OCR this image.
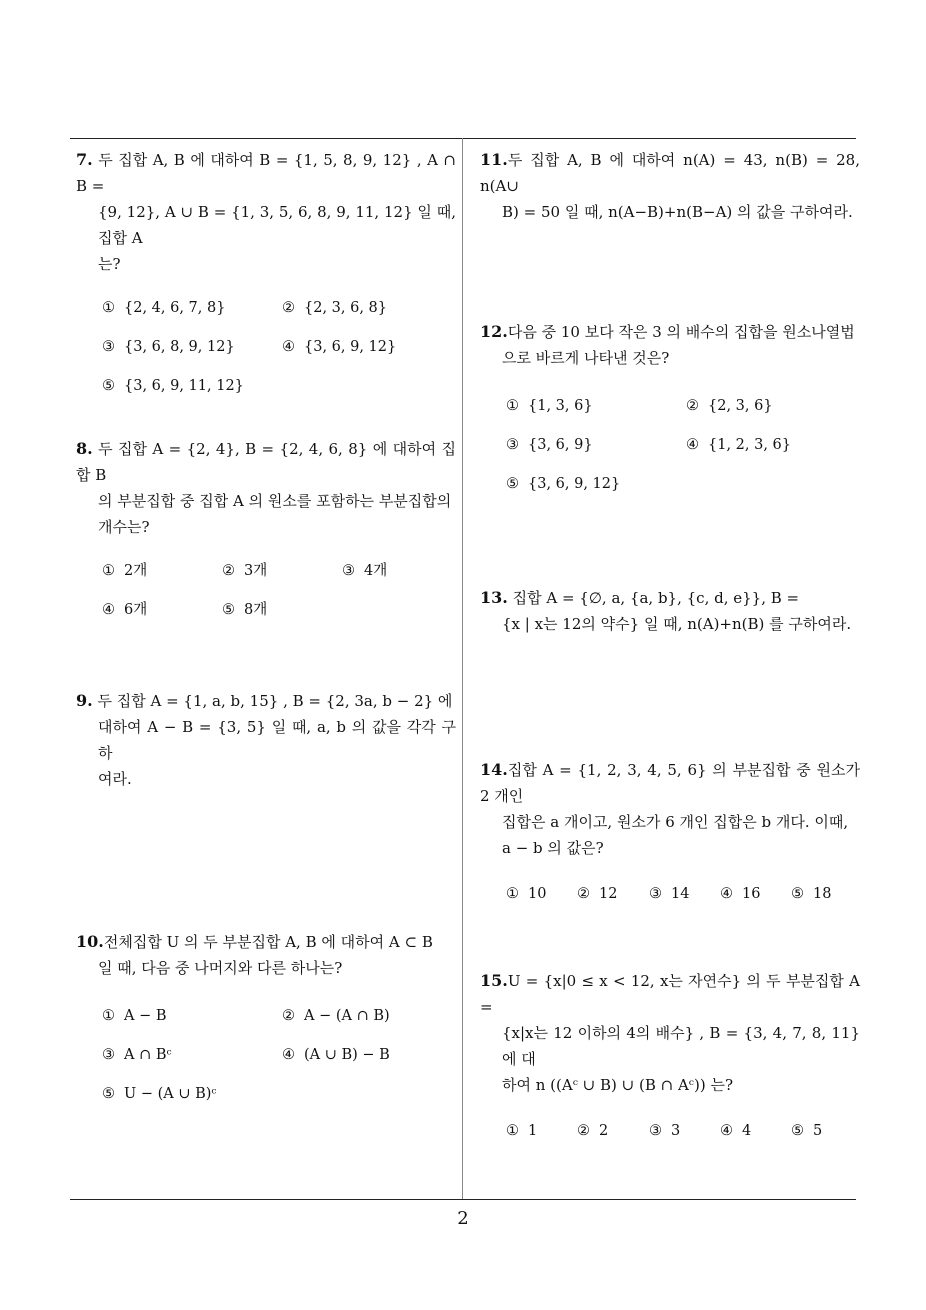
7. 두 집합 A, B 에 대하여 B = {1, 5, 8, 9, 12} , A ∩ B =
{9, 12}, A ∪ B = {1, 3, 5, 6, 8, 9, 11, 12} 일 때, 집합 A
는?
① {2, 4, 6, 7, 8}	② {2, 3, 6, 8}
③ {3, 6, 8, 9, 12}	④ {3, 6, 9, 12}
⑤ {3, 6, 9, 11, 12}
8. 두 집합 A = {2, 4}, B = {2, 4, 6, 8} 에 대하여 집합 B
의 부분집합 중 집합 A 의 원소를 포함하는 부분집합의
개수는?
① 2개	② 3개	③ 4개
④ 6개	⑤ 8개
9. 두 집합 A = {1, a, b, 15} , B = {2, 3a, b − 2} 에
대하여 A − B = {3, 5} 일 때, a, b 의 값을 각각 구하
여라.
10.전체집합 U 의 두 부분집합 A, B 에 대하여 A ⊂ B
일 때, 다음 중 나머지와 다른 하나는?
① A − B	② A − (A ∩ B)
③ A ∩ Bᶜ	④ (A ∪ B) − B
⑤ U − (A ∪ B)ᶜ
11.두 집합 A, B 에 대하여 n(A) = 43, n(B) = 28, n(A∪
B) = 50 일 때, n(A−B)+n(B−A) 의 값을 구하여라.
12.다음 중 10 보다 작은 3 의 배수의 집합을 원소나열법
으로 바르게 나타낸 것은?
① {1, 3, 6}	② {2, 3, 6}
③ {3, 6, 9}	④ {1, 2, 3, 6}
⑤ {3, 6, 9, 12}
13. 집합 A = {∅, a, {a, b}, {c, d, e}}, B =
{x | x는 12의 약수} 일 때, n(A)+n(B) 를 구하여라.
14.집합 A = {1, 2, 3, 4, 5, 6} 의 부분집합 중 원소가 2 개인
집합은 a 개이고, 원소가 6 개인 집합은 b 개다. 이때,
a − b 의 값은?
① 10 ② 12 ③ 14 ④ 16 ⑤ 18
15.U = {x|0 ≤ x < 12, x는 자연수} 의 두 부분집합 A =
{x|x는 12 이하의 4의 배수} , B = {3, 4, 7, 8, 11} 에 대
하여 n ((Aᶜ ∪ B) ∪ (B ∩ Aᶜ)) 는?
① 1	② 2	③ 3	④ 4	⑤ 5
2
